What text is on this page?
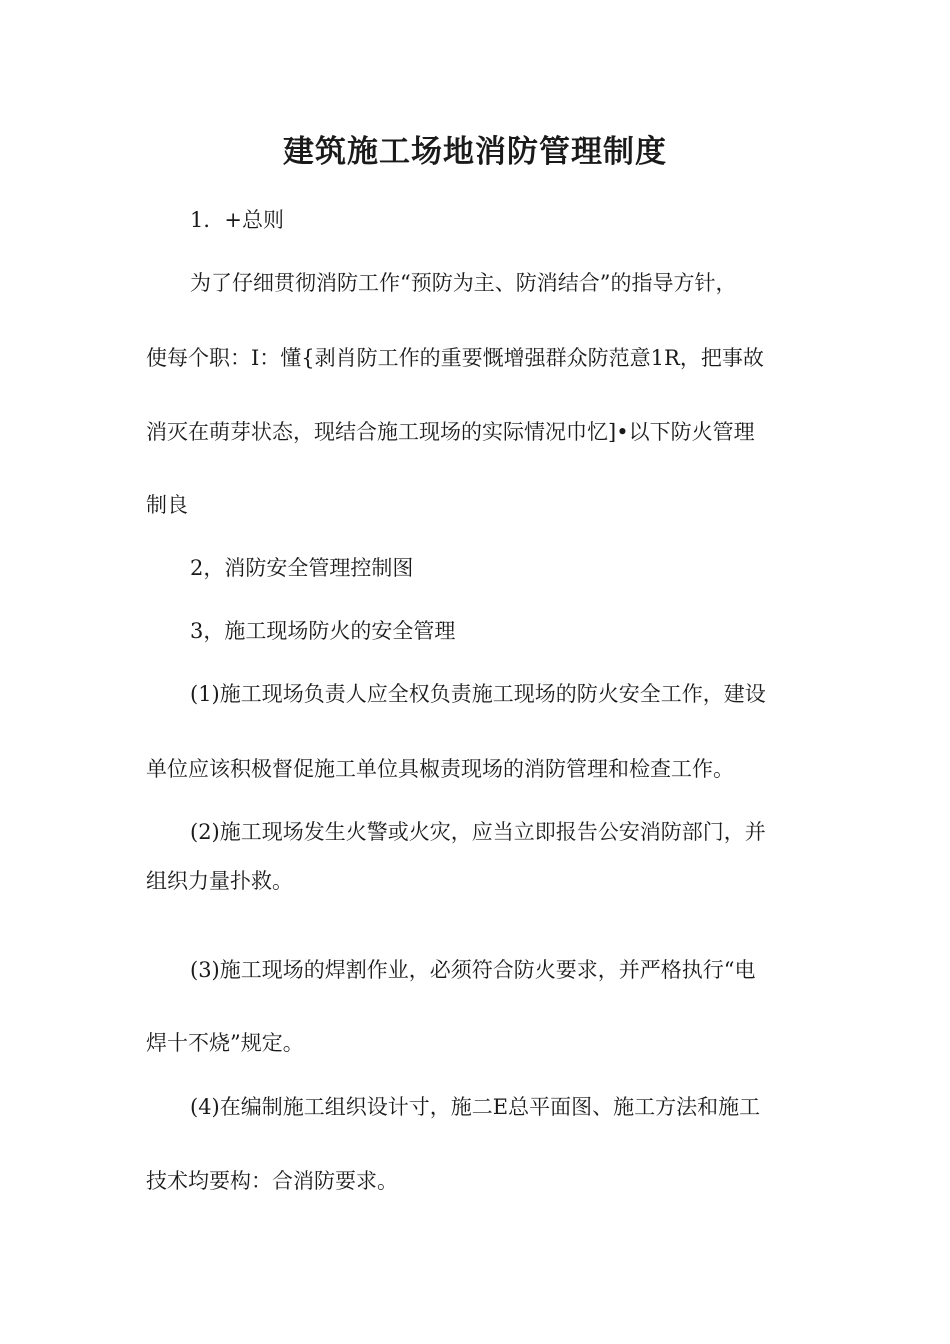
建筑施工场地消防管理制度

1．+总则

为了仔细贯彻消防工作“预防为主、防消结合”的指导方针，

使每个职：I：懂{剥肖防工作的重要慨增强群众防范意1R，把事故

消灭在萌芽状态，现结合施工现场的实际情况巾忆]•以下防火管理

制良

2，消防安全管理控制图

3，施工现场防火的安全管理

(1)施工现场负责人应全权负责施工现场的防火安全工作，建设

单位应该积极督促施工单位具椒责现场的消防管理和检查工作。

(2)施工现场发生火警或火灾，应当立即报告公安消防部门，并

组织力量扑救。

(3)施工现场的焊割作业，必须符合防火要求，并严格执行“电

焊十不烧”规定。

(4)在编制施工组织设计寸，施二E总平面图、施工方法和施工

技术均要构：合消防要求。
